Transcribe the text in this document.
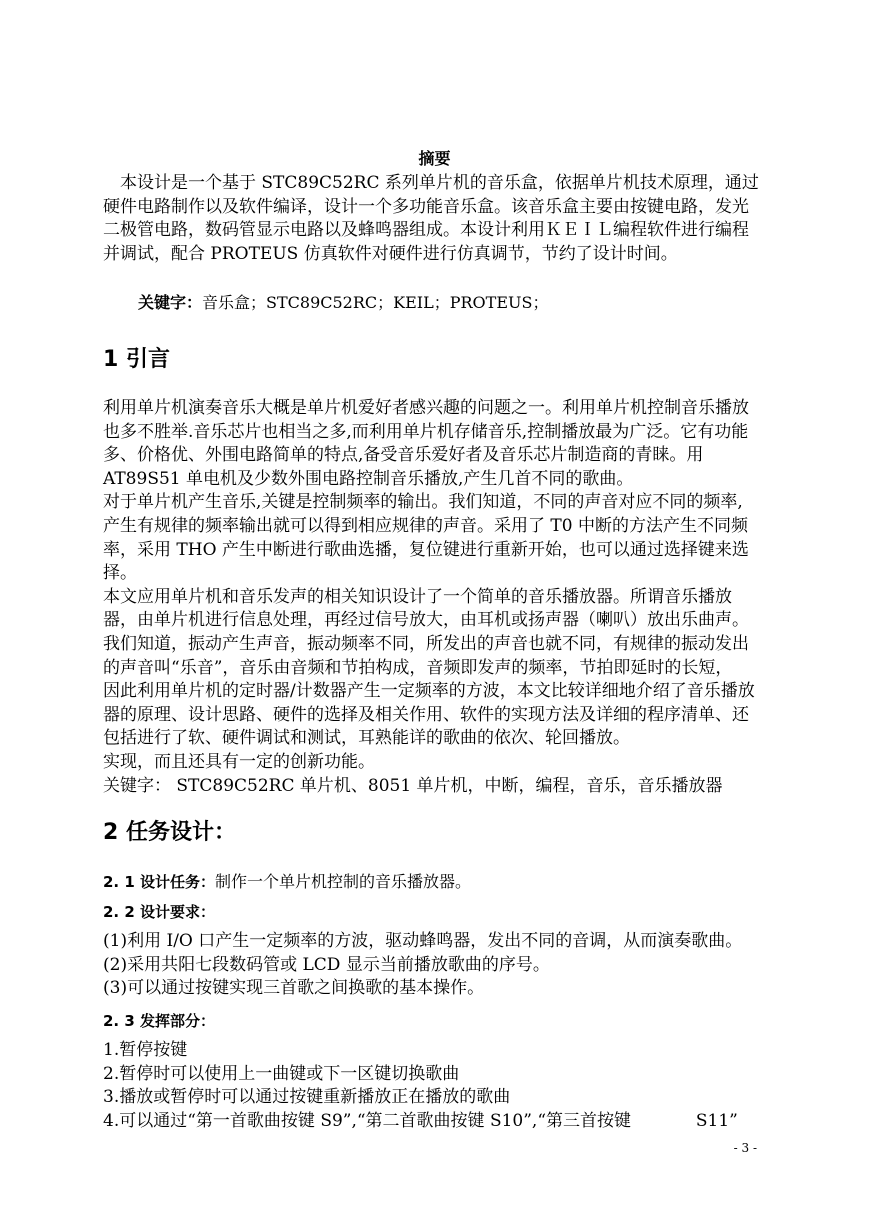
摘要
本设计是一个基于 STC89C52RC 系列单片机的音乐盒，依据单片机技术原理，通过
硬件电路制作以及软件编译，设计一个多功能音乐盒。该音乐盒主要由按键电路，发光
二极管电路，数码管显示电路以及蜂鸣器组成。本设计利用ＫＥＩＬ编程软件进行编程
并调试，配合 PROTEUS 仿真软件对硬件进行仿真调节，节约了设计时间。
关键字：音乐盒；STC89C52RC；KEIL；PROTEUS；
1 引言
利用单片机演奏音乐大概是单片机爱好者感兴趣的问题之一。利用单片机控制音乐播放
也多不胜举.音乐芯片也相当之多,而利用单片机存储音乐,控制播放最为广泛。它有功能
多、价格优、外围电路简单的特点,备受音乐爱好者及音乐芯片制造商的青睐。用
AT89S51 单电机及少数外围电路控制音乐播放,产生几首不同的歌曲。
对于单片机产生音乐,关键是控制频率的输出。我们知道，不同的声音对应不同的频率,
产生有规律的频率输出就可以得到相应规律的声音。采用了 T0 中断的方法产生不同频
率，采用 THO 产生中断进行歌曲选播，复位键进行重新开始，也可以通过选择键来选
择。
本文应用单片机和音乐发声的相关知识设计了一个简单的音乐播放器。所谓音乐播放
器，由单片机进行信息处理，再经过信号放大，由耳机或扬声器（喇叭）放出乐曲声。
我们知道，振动产生声音，振动频率不同，所发出的声音也就不同，有规律的振动发出
的声音叫“乐音”，音乐由音频和节拍构成，音频即发声的频率，节拍即延时的长短，
因此利用单片机的定时器/计数器产生一定频率的方波，本文比较详细地介绍了音乐播放
器的原理、设计思路、硬件的选择及相关作用、软件的实现方法及详细的程序清单、还
包括进行了软、硬件调试和测试，耳熟能详的歌曲的依次、轮回播放。
实现，而且还具有一定的创新功能。
关键字： STC89C52RC 单片机、8051 单片机，中断，编程，音乐，音乐播放器
2 任务设计：
2. 1 设计任务：制作一个单片机控制的音乐播放器。
2. 2 设计要求：
(1)利用 I/O 口产生一定频率的方波，驱动蜂鸣器，发出不同的音调，从而演奏歌曲。
(2)采用共阳七段数码管或 LCD 显示当前播放歌曲的序号。
(3)可以通过按键实现三首歌之间换歌的基本操作。
2. 3 发挥部分：
1.暂停按键
2.暂停时可以使用上一曲键或下一区键切换歌曲
3.播放或暂停时可以通过按键重新播放正在播放的歌曲
4.可以通过“第一首歌曲按键 S9”,“第二首歌曲按键 S10”,“第三首按键            S11”
- 3 -
